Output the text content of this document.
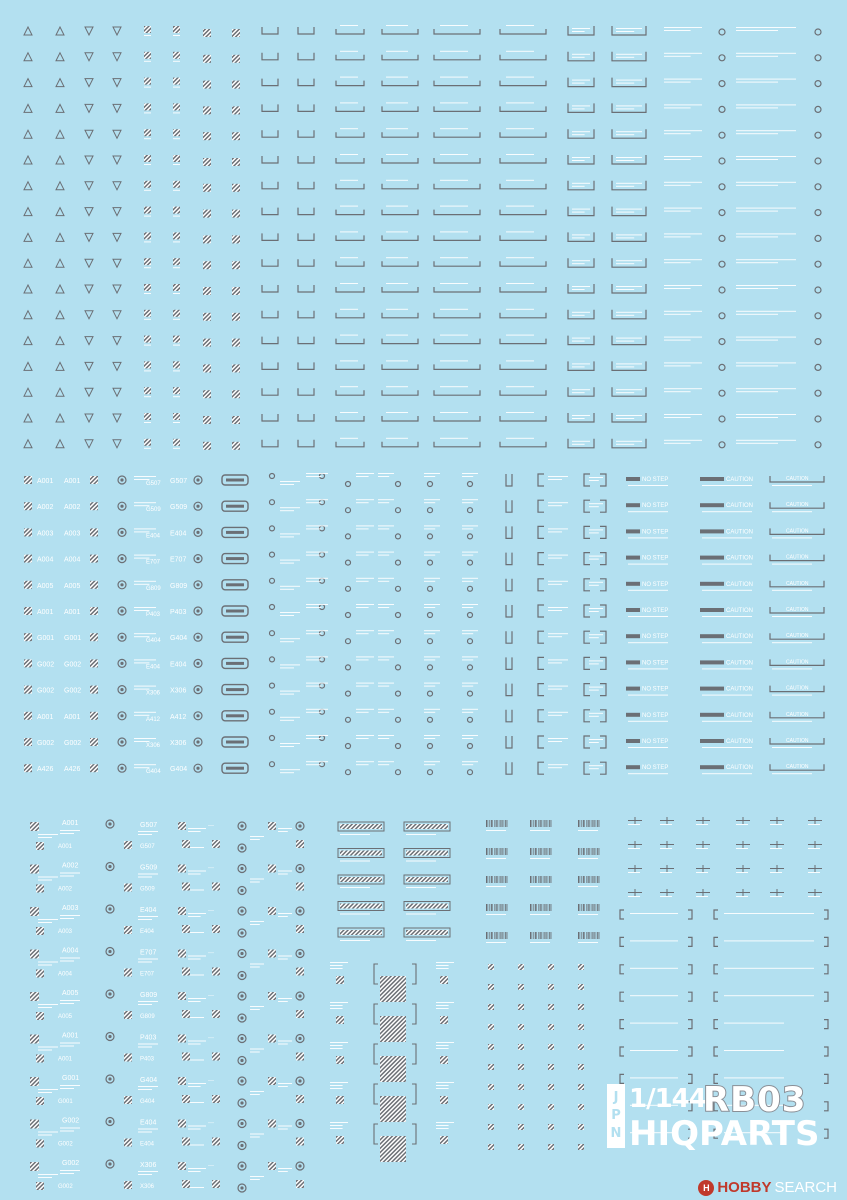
A001 A001	G507 G507	NO STEP	CAUTION	CAUTION
A002 A002	G509 G509	NO STEP	CAUTION	CAUTION
A003 A003	E404 E404	NO STEP	CAUTION	CAUTION
A004 A004	E707 E707	NO STEP	CAUTION	CAUTION
A005 A005	G809 G809	NO STEP	CAUTION	CAUTION
A001 A001	P403 P403	NO STEP	CAUTION	CAUTION
G001 G001	G404 G404	NO STEP	CAUTION	CAUTION
G002 G002	E404 E404	NO STEP	CAUTION	CAUTION
G002 G002	X306 X306	NO STEP	CAUTION	CAUTION
A001 A001	A412 A412	NO STEP	CAUTION	CAUTION
G002 G002	X306 X306	NO STEP	CAUTION	CAUTION
A426 A426	G404 G404	NO STEP	CAUTION	CAUTION
A001
A001
G507
G507
---
A002
A002
G509
G509
---
A003
A003
E404
E404
---
A004
A004
E707
E707
---
A005
A005
G809
G809
---
A001
A001
P403
P403
---
G001
G001
G404
G404
---
G002
G002
E404
E404
---
G002
G002
X306
X306
---
J
P
N
1/144
RB03
HIQPARTS
H HOBBY SEARCH
